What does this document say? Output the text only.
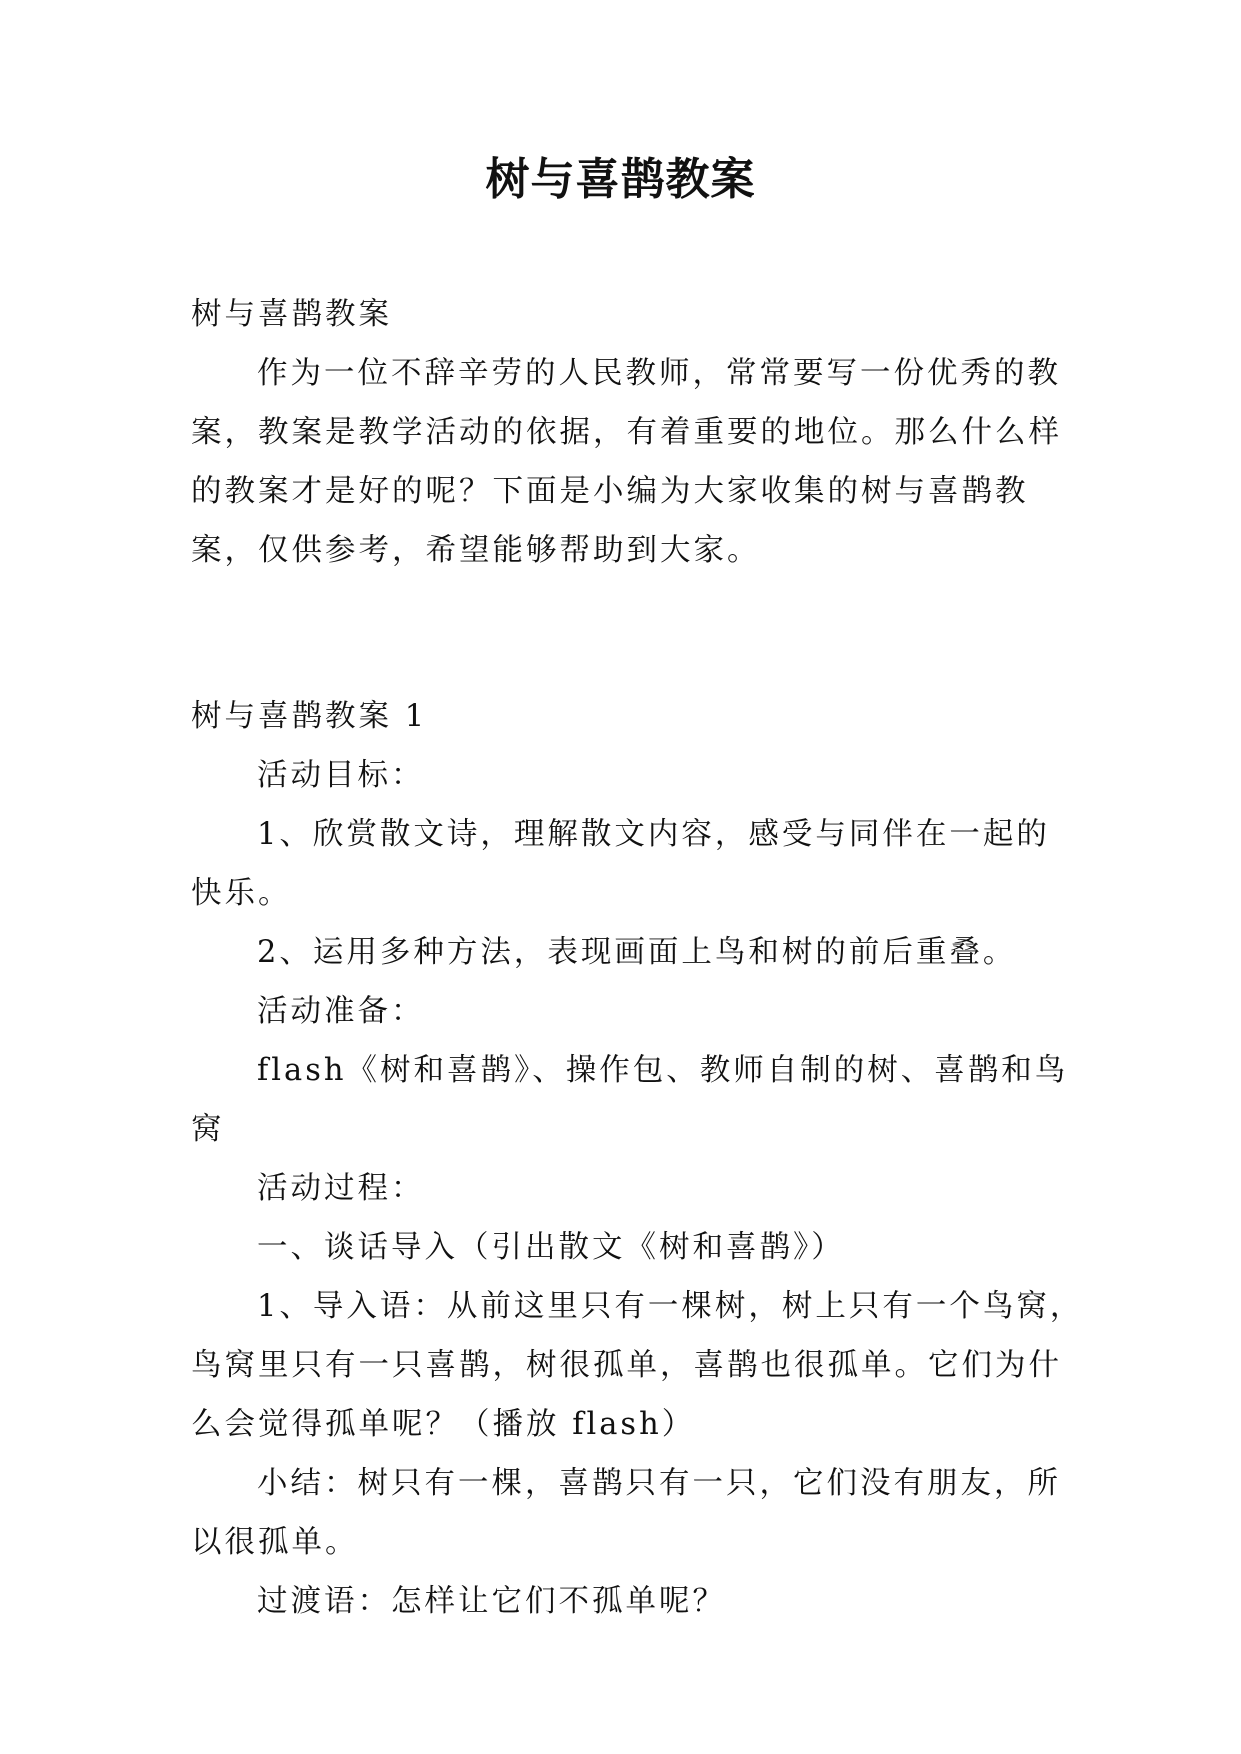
树与喜鹊教案
树与喜鹊教案
作为一位不辞辛劳的人民教师，常常要写一份优秀的教
案，教案是教学活动的依据，有着重要的地位。那么什么样
的教案才是好的呢？下面是小编为大家收集的树与喜鹊教
案，仅供参考，希望能够帮助到大家。
树与喜鹊教案 1
活动目标：
1、欣赏散文诗，理解散文内容，感受与同伴在一起的
快乐。
2、运用多种方法，表现画面上鸟和树的前后重叠。
活动准备：
flash《树和喜鹊》、操作包、教师自制的树、喜鹊和鸟
窝
活动过程：
一、谈话导入（引出散文《树和喜鹊》）
1、导入语：从前这里只有一棵树，树上只有一个鸟窝，
鸟窝里只有一只喜鹊，树很孤单，喜鹊也很孤单。它们为什
么会觉得孤单呢？（播放 flash）
小结：树只有一棵，喜鹊只有一只，它们没有朋友，所
以很孤单。
过渡语：怎样让它们不孤单呢？
